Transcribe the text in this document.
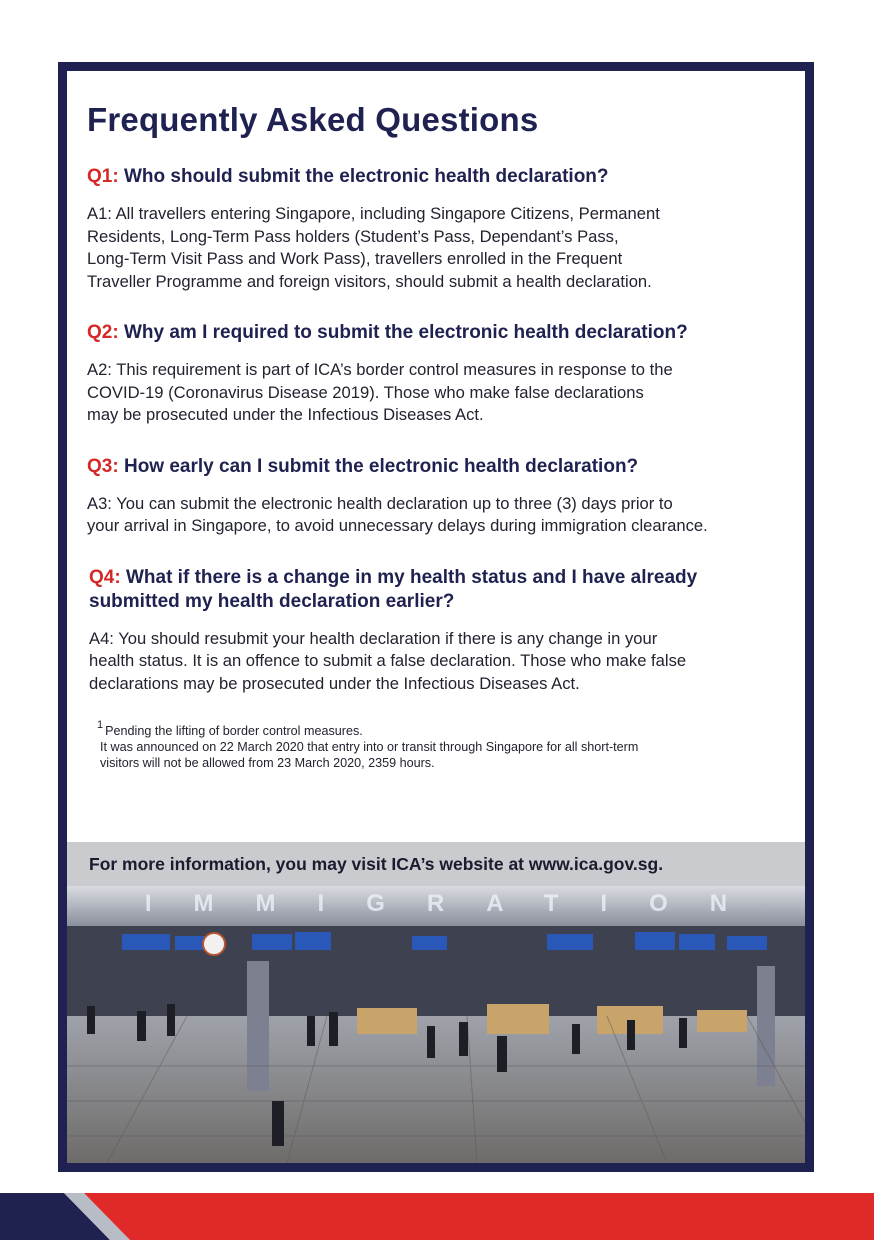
Frequently Asked Questions
Q1: Who should submit the electronic health declaration?
A1: All travellers entering Singapore, including Singapore Citizens, Permanent
Residents, Long-Term Pass holders (Student’s Pass, Dependant’s Pass,
Long-Term Visit Pass and Work Pass), travellers enrolled in the Frequent
Traveller Programme and foreign visitors, should submit a health declaration.
Q2: Why am I required to submit the electronic health declaration?
A2: This requirement is part of ICA’s border control measures in response to the
COVID-19 (Coronavirus Disease 2019). Those who make false declarations
may be prosecuted under the Infectious Diseases Act.
Q3: How early can I submit the electronic health declaration?
A3: You can submit the electronic health declaration up to three (3) days prior to
your arrival in Singapore, to avoid unnecessary delays during immigration clearance.
Q4: What if there is a change in my health status and I have already
submitted my health declaration earlier?
A4: You should resubmit your health declaration if there is any change in your
health status. It is an offence to submit a false declaration. Those who make false
declarations may be prosecuted under the Infectious Diseases Act.
$^1$ Pending the lifting of border control measures.
It was announced on 22 March 2020 that entry into or transit through Singapore for all short-term
visitors will not be allowed from 23 March 2020, 2359 hours.
For more information, you may visit ICA’s website at www.ica.gov.sg.
IMMIGRATION
